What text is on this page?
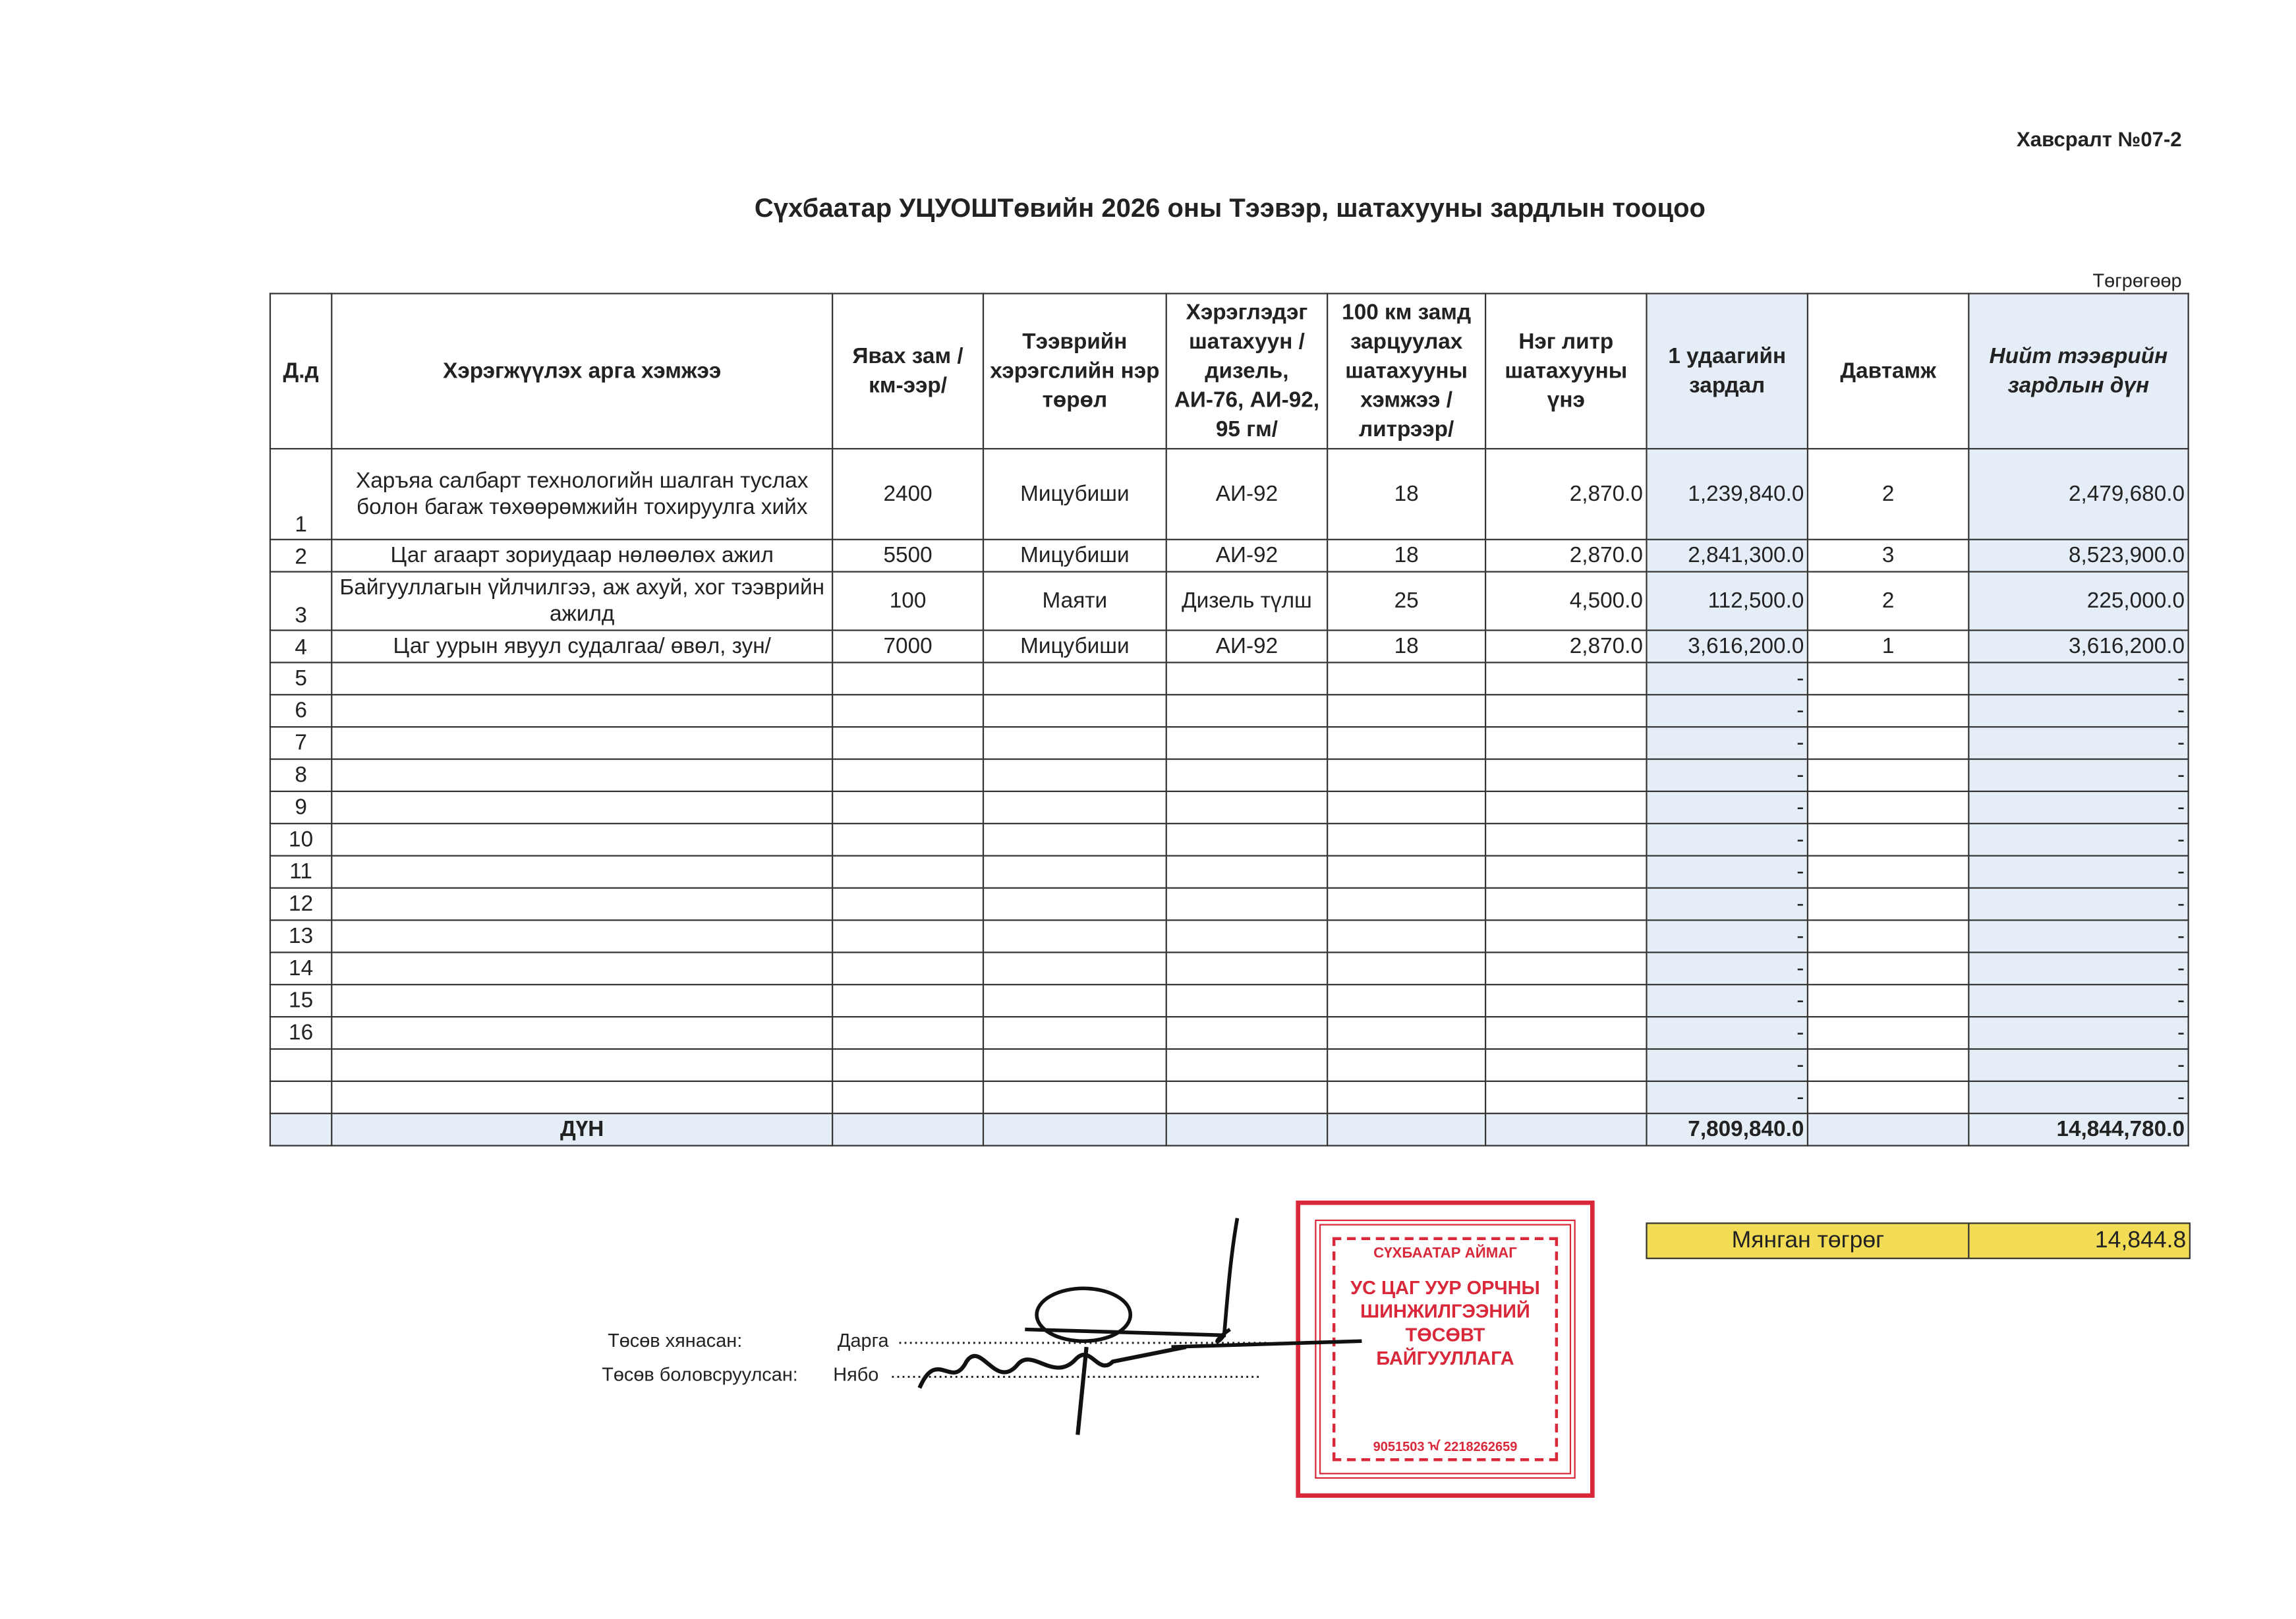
Хавсралт №07-2
Сүхбаатар УЦУОШТөвийн 2026 оны Тээвэр, шатахууны зардлын тооцоо
Төгрөгөөр
Д.д	Хэрэгжүүлэх арга хэмжээ	Явах зам /км-ээр/	Тээврийн хэрэгслийн нэр төрөл	Хэрэглэдэг шатахуун /дизель, АИ-76, АИ-92, 95 гм/	100 км замд зарцуулах шатахууны хэмжээ /литрээр/	Нэг литр шатахууны үнэ	1 удаагийн зардал	Давтамж	Нийт тээврийн зардлын дүн
1	Харъяа салбарт технологийн шалган туслах болон багаж төхөөрөмжийн тохируулга хийх	2400	Мицубиши	АИ-92	18	2,870.0	1,239,840.0	2	2,479,680.0
2	Цаг агаарт зориудаар нөлөөлөх ажил	5500	Мицубиши	АИ-92	18	2,870.0	2,841,300.0	3	8,523,900.0
3	Байгууллагын үйлчилгээ, аж ахуй, хог тээврийн ажилд	100	Маяти	Дизель түлш	25	4,500.0	112,500.0	2	225,000.0
4	Цаг уурын явуул судалгаа/ өвөл, зун/	7000	Мицубиши	АИ-92	18	2,870.0	3,616,200.0	1	3,616,200.0
5							-		-
6							-		-
7							-		-
8							-		-
9							-		-
10							-		-
11							-		-
12							-		-
13							-		-
14							-		-
15							-		-
16							-		-
							-		-
							-		-
	ДҮН						7,809,840.0		14,844,780.0
Мянган төгрөг	14,844.8
Төсөв хянасан:	Дарга ......................................................................
Төсөв боловсруулсан:	Нябо ......................................................................
СҮХБААТАР АЙМАГ
УС ЦАГ УУР ОРЧНЫ ШИНЖИЛГЭЭНИЙ ТӨСӨВТ БАЙГУУЛЛАГА
9051503 ᠠ 2218262659
